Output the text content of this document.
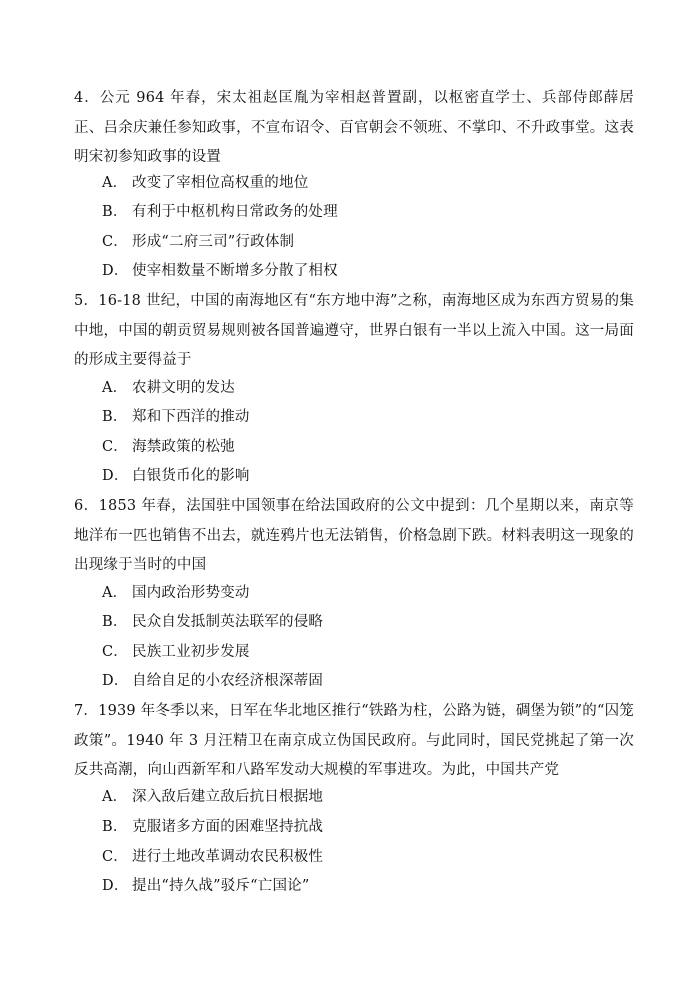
4．公元 964 年春，宋太祖赵匡胤为宰相赵普置副，以枢密直学士、兵部侍郎薛居正、吕余庆兼任参知政事，不宣布诏令、百官朝会不领班、不掌印、不升政事堂。这表明宋初参知政事的设置
A． 改变了宰相位高权重的地位
B． 有利于中枢机构日常政务的处理
C． 形成“二府三司”行政体制
D． 使宰相数量不断增多分散了相权
5．16-18 世纪，中国的南海地区有“东方地中海”之称，南海地区成为东西方贸易的集中地，中国的朝贡贸易规则被各国普遍遵守，世界白银有一半以上流入中国。这一局面的形成主要得益于
A． 农耕文明的发达
B． 郑和下西洋的推动
C． 海禁政策的松弛
D． 白银货币化的影响
6．1853 年春，法国驻中国领事在给法国政府的公文中提到：几个星期以来，南京等地洋布一匹也销售不出去，就连鸦片也无法销售，价格急剧下跌。材料表明这一现象的出现缘于当时的中国
A． 国内政治形势变动
B． 民众自发抵制英法联军的侵略
C． 民族工业初步发展
D． 自给自足的小农经济根深蒂固
7．1939 年冬季以来，日军在华北地区推行“铁路为柱，公路为链，碉堡为锁”的“囚笼政策”。1940 年 3 月汪精卫在南京成立伪国民政府。与此同时，国民党挑起了第一次反共高潮，向山西新军和八路军发动大规模的军事进攻。为此，中国共产党
A． 深入敌后建立敌后抗日根据地
B． 克服诸多方面的困难坚持抗战
C． 进行土地改革调动农民积极性
D． 提出“持久战”驳斥“亡国论”
